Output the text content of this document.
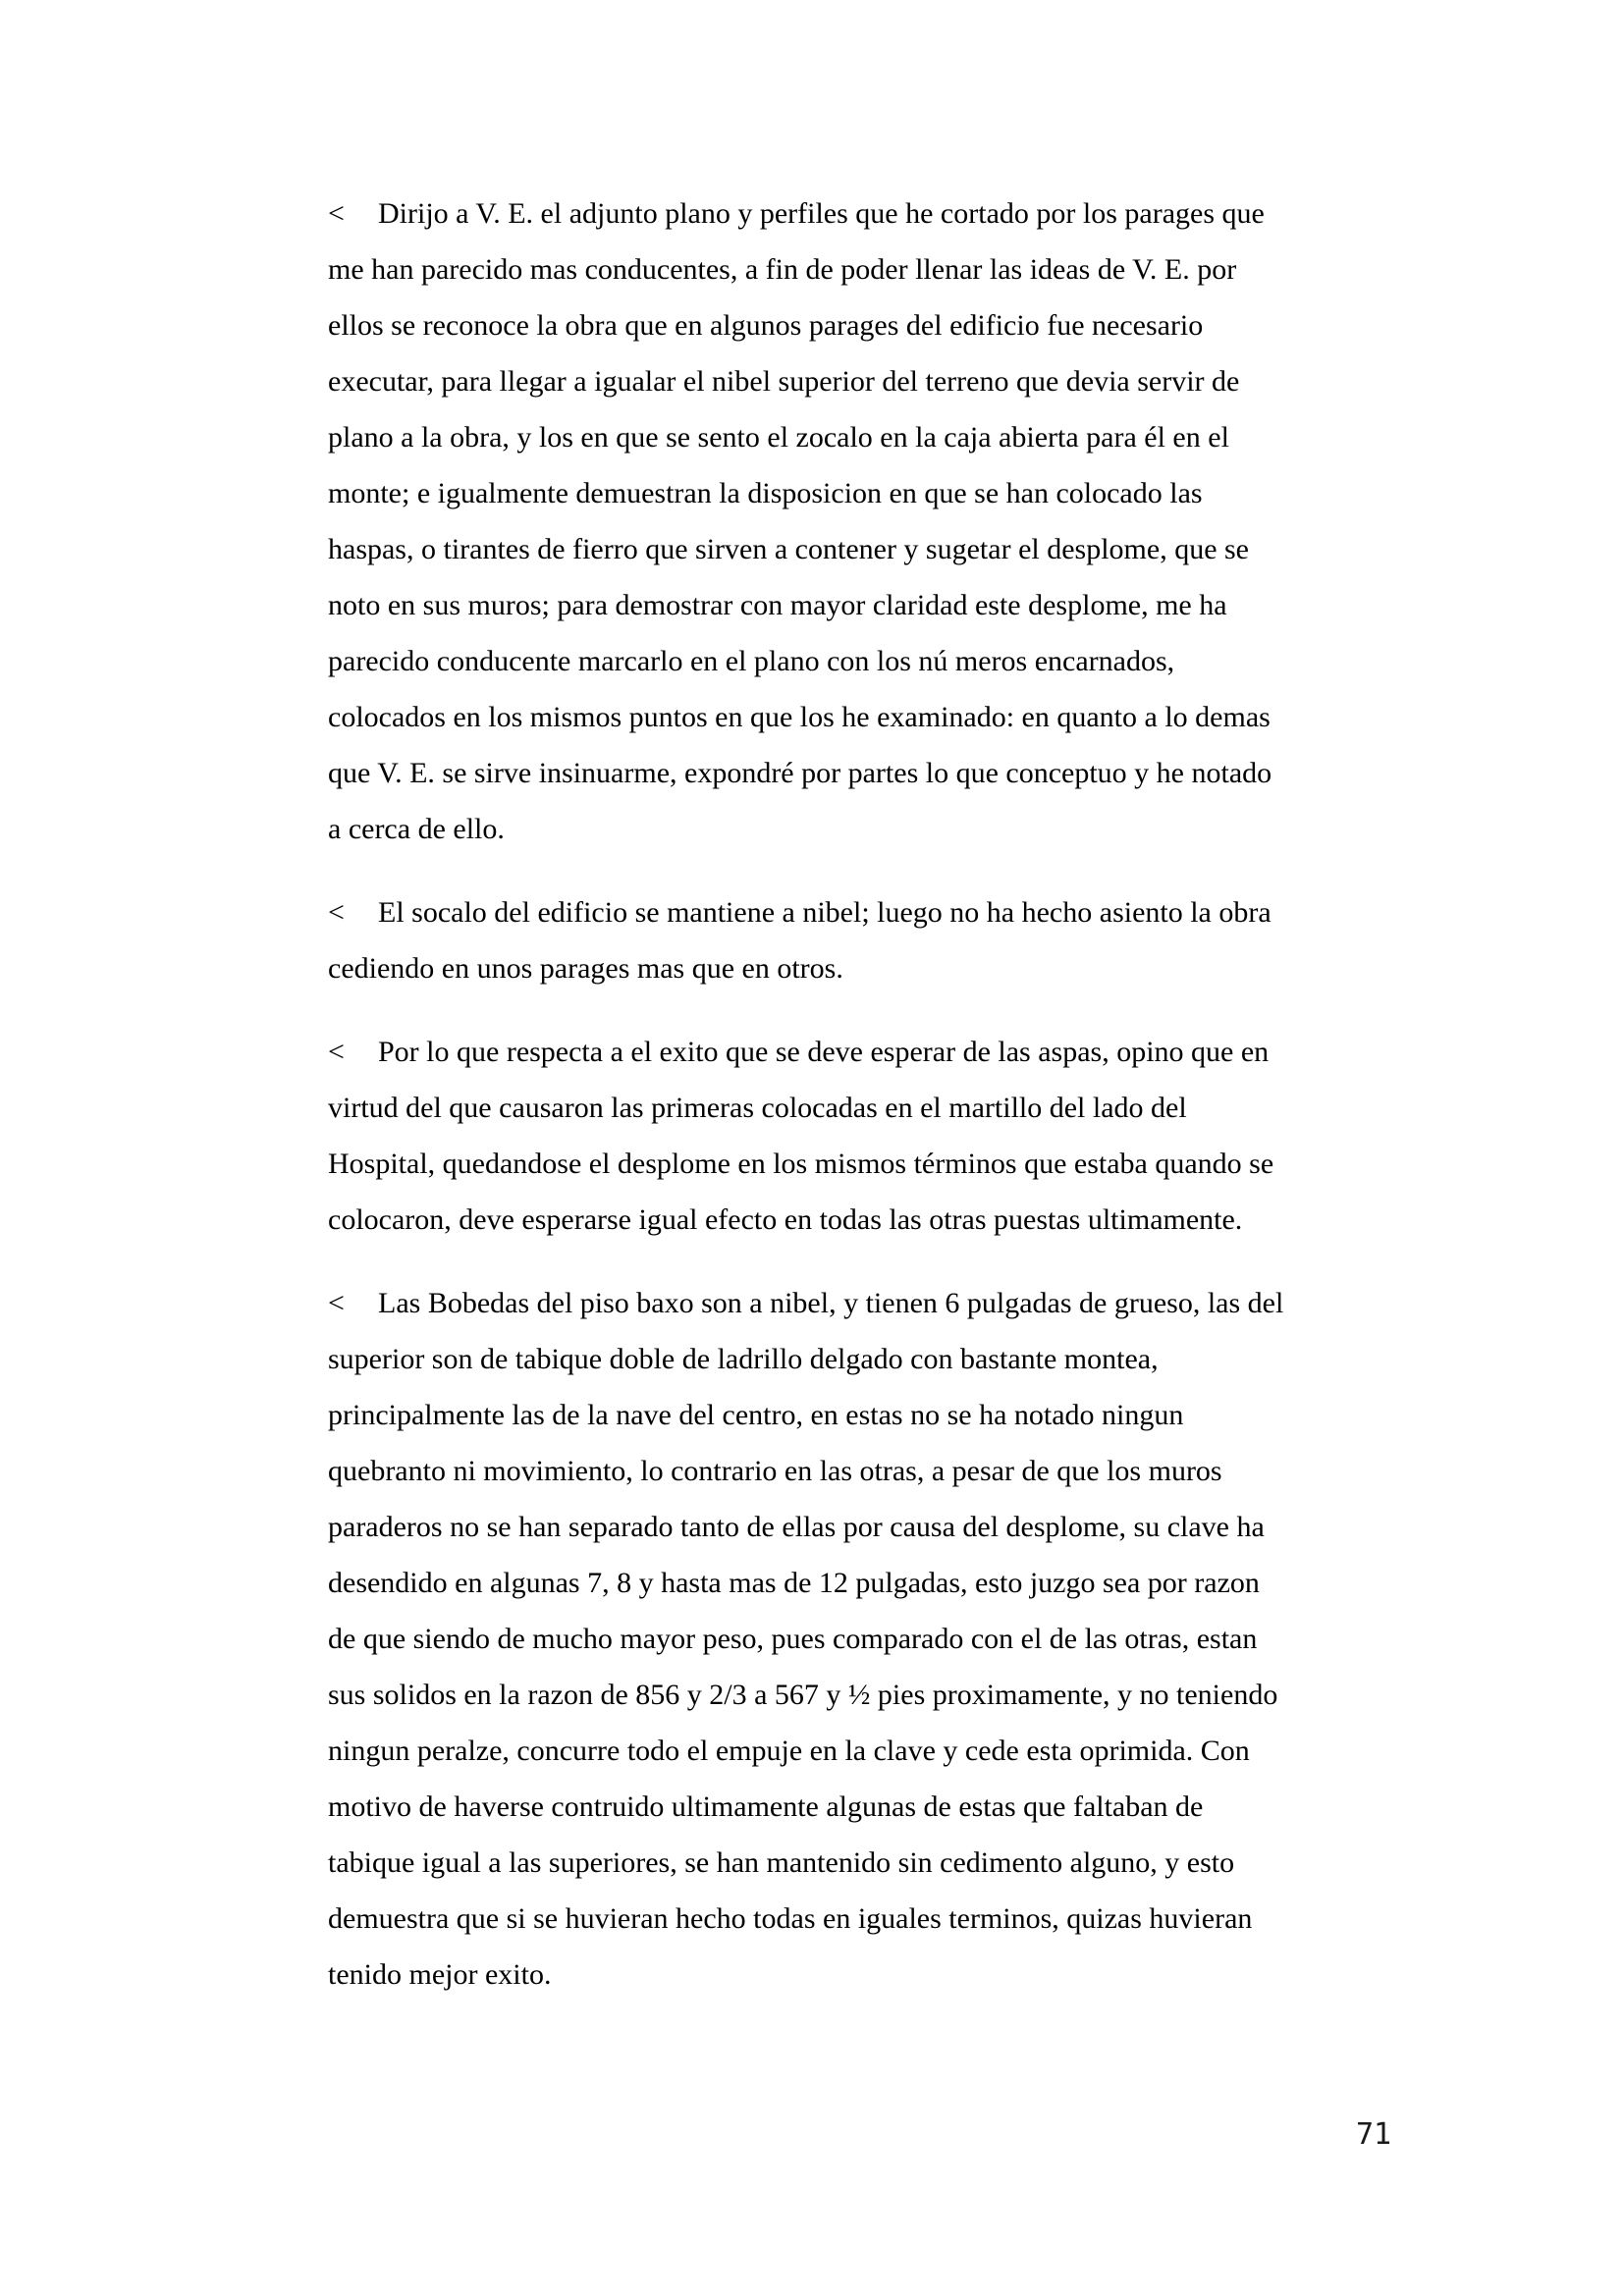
< Dirijo a V. E. el adjunto plano y perfiles que he cortado por los parages que
me han parecido mas conducentes, a fin de poder llenar las ideas de V. E. por
ellos se reconoce la obra que en algunos parages del edificio fue necesario
executar, para llegar a igualar el nibel superior del terreno que devia servir de
plano a la obra, y los en que se sento el zocalo en la caja abierta para él en el
monte; e igualmente demuestran la disposicion en que se han colocado las
haspas, o tirantes de fierro que sirven a contener y sugetar el desplome, que se
noto en sus muros; para demostrar con mayor claridad este desplome, me ha
parecido conducente marcarlo en el plano con los nú meros encarnados,
colocados en los mismos puntos en que los he examinado: en quanto a lo demas
que V. E. se sirve insinuarme, expondré por partes lo que conceptuo y he notado
a cerca de ello.
< El socalo del edificio se mantiene a nibel; luego no ha hecho asiento la obra
cediendo en unos parages mas que en otros.
< Por lo que respecta a el exito que se deve esperar de las aspas, opino que en
virtud del que causaron las primeras colocadas en el martillo del lado del
Hospital, quedandose el desplome en los mismos términos que estaba quando se
colocaron, deve esperarse igual efecto en todas las otras puestas ultimamente.
< Las Bobedas del piso baxo son a nibel, y tienen 6 pulgadas de grueso, las del
superior son de tabique doble de ladrillo delgado con bastante montea,
principalmente las de la nave del centro, en estas no se ha notado ningun
quebranto ni movimiento, lo contrario en las otras, a pesar de que los muros
paraderos no se han separado tanto de ellas por causa del desplome, su clave ha
desendido en algunas 7, 8 y hasta mas de 12 pulgadas, esto juzgo sea por razon
de que siendo de mucho mayor peso, pues comparado con el de las otras, estan
sus solidos en la razon de 856 y 2/3 a 567 y ½ pies proximamente, y no teniendo
ningun peralze, concurre todo el empuje en la clave y cede esta oprimida. Con
motivo de haverse contruido ultimamente algunas de estas que faltaban de
tabique igual a las superiores, se han mantenido sin cedimento alguno, y esto
demuestra que si se huvieran hecho todas en iguales terminos, quizas huvieran
tenido mejor exito.
71
